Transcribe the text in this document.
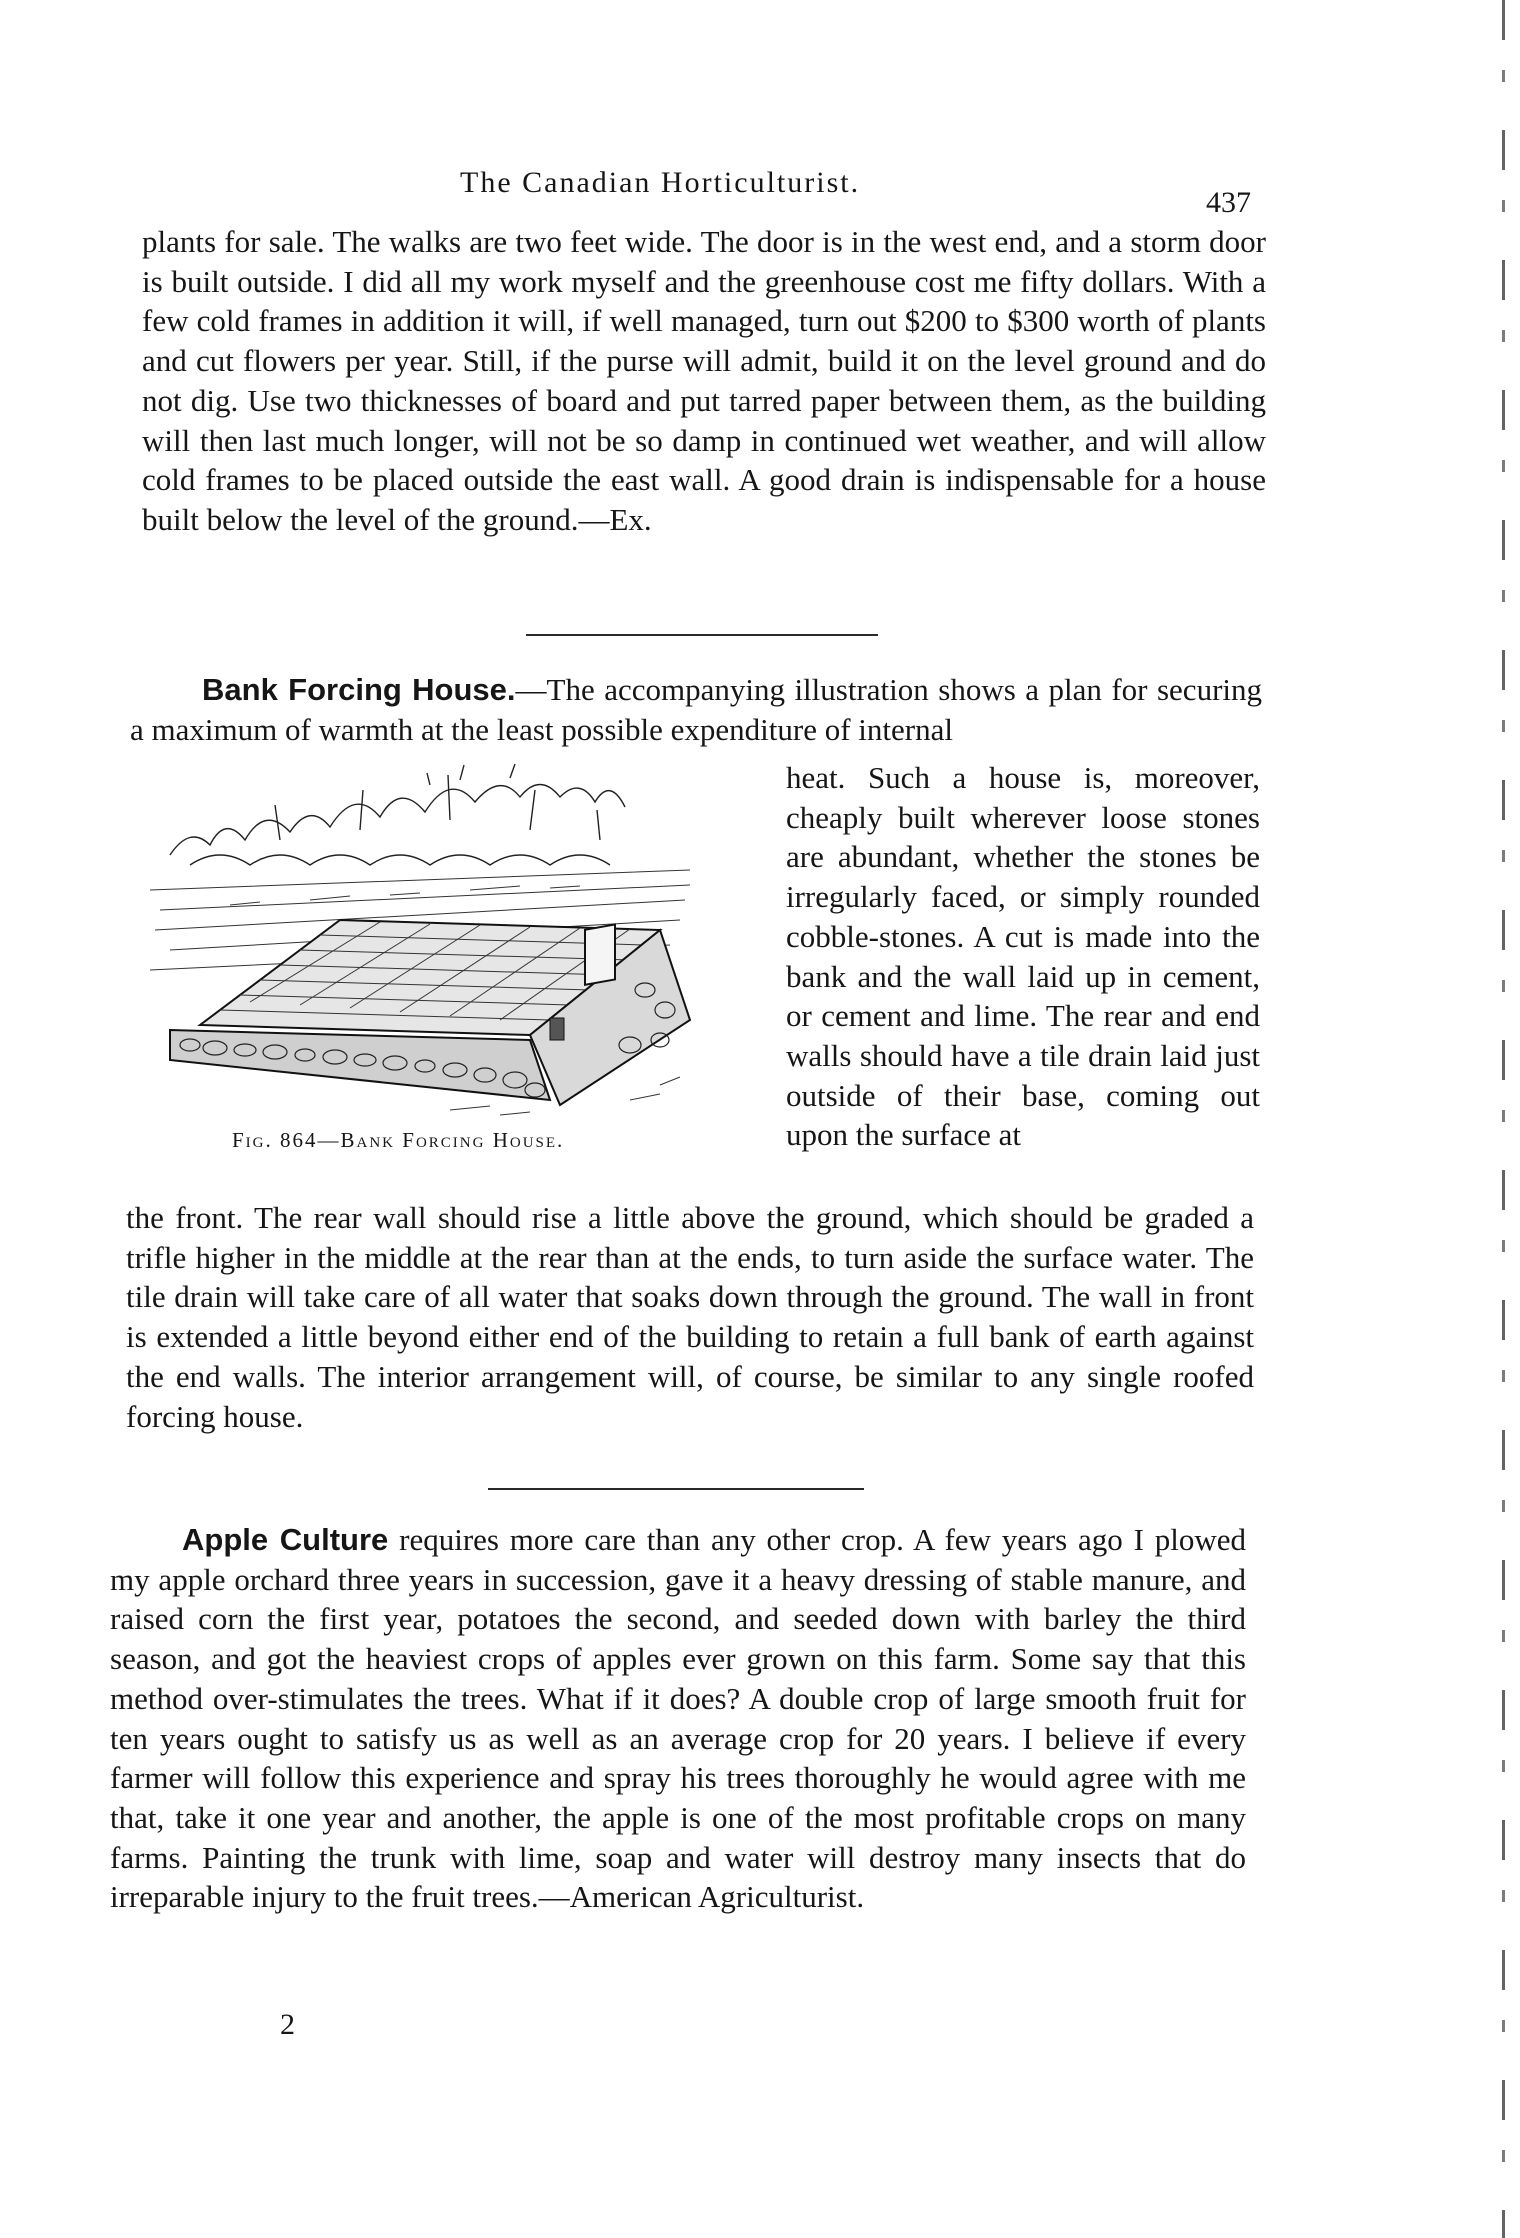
The Canadian Horticulturist.
437
plants for sale. The walks are two feet wide. The door is in the west end, and a storm door is built outside. I did all my work myself and the greenhouse cost me fifty dollars. With a few cold frames in addition it will, if well managed, turn out $200 to $300 worth of plants and cut flowers per year. Still, if the purse will admit, build it on the level ground and do not dig. Use two thicknesses of board and put tarred paper between them, as the building will then last much longer, will not be so damp in continued wet weather, and will allow cold frames to be placed outside the east wall. A good drain is indispensable for a house built below the level of the ground.—Ex.
Bank Forcing House.—The accompanying illustration shows a plan for securing a maximum of warmth at the least possible expenditure of internal
Fig. 864—Bank Forcing House.
heat. Such a house is, moreover, cheaply built wherever loose stones are abundant, whether the stones be irregularly faced, or simply rounded cobble-stones. A cut is made into the bank and the wall laid up in cement, or cement and lime. The rear and end walls should have a tile drain laid just outside of their base, coming out upon the surface at
the front. The rear wall should rise a little above the ground, which should be graded a trifle higher in the middle at the rear than at the ends, to turn aside the surface water. The tile drain will take care of all water that soaks down through the ground. The wall in front is extended a little beyond either end of the building to retain a full bank of earth against the end walls. The interior arrangement will, of course, be similar to any single roofed forcing house.
Apple Culture requires more care than any other crop. A few years ago I plowed my apple orchard three years in succession, gave it a heavy dressing of stable manure, and raised corn the first year, potatoes the second, and seeded down with barley the third season, and got the heaviest crops of apples ever grown on this farm. Some say that this method over-stimulates the trees. What if it does? A double crop of large smooth fruit for ten years ought to satisfy us as well as an average crop for 20 years. I believe if every farmer will follow this experience and spray his trees thoroughly he would agree with me that, take it one year and another, the apple is one of the most profitable crops on many farms. Painting the trunk with lime, soap and water will destroy many insects that do irreparable injury to the fruit trees.—American Agriculturist.
2
